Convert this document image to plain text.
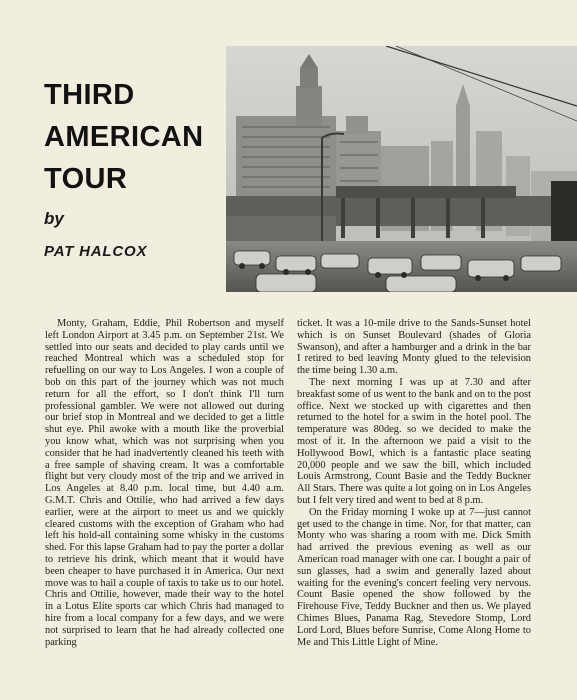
THIRD
AMERICAN
TOUR
by
PAT HALCOX

Monty, Graham, Eddie, Phil Robertson and myself left London Airport at 3.45 p.m. on September 21st. We settled into our seats and decided to play cards until we reached Montreal which was a scheduled stop for refuelling on our way to Los Angeles. I won a couple of bob on this part of the journey which was not much return for all the effort, so I don't think I'll turn professional gambler. We were not allowed out during our brief stop in Montreal and we decided to get a little shut eye. Phil awoke with a mouth like the proverbial you know what, which was not surprising when you consider that he had inadvertently cleaned his teeth with a free sample of shaving cream. It was a comfortable flight but very cloudy most of the trip and we arrived in Los Angeles at 8.40 p.m. local time, but 4.40 a.m. G.M.T. Chris and Ottilie, who had arrived a few days earlier, were at the airport to meet us and we quickly cleared customs with the exception of Graham who had left his hold-all containing some whisky in the customs shed. For this lapse Graham had to pay the porter a dollar to retrieve his drink, which meant that it would have been cheaper to have purchased it in America. Our next move was to hail a couple of taxis to take us to our hotel. Chris and Ottilie, however, made their way to the hotel in a Lotus Elite sports car which Chris had managed to hire from a local company for a few days, and we were not surprised to learn that he had already collected one parking

ticket. It was a 10-mile drive to the Sands-Sunset hotel which is on Sunset Boulevard (shades of Gloria Swanson), and after a hamburger and a drink in the bar I retired to bed leaving Monty glued to the television the time being 1.30 a.m.

The next morning I was up at 7.30 and after breakfast some of us went to the bank and on to the post office. Next we stocked up with cigarettes and then returned to the hotel for a swim in the hotel pool. The temperature was 80deg. so we decided to make the most of it. In the afternoon we paid a visit to the Hollywood Bowl, which is a fantastic place seating 20,000 people and we saw the bill, which included Louis Armstrong, Count Basie and the Teddy Buckner All Stars. There was quite a lot going on in Los Angeles but I felt very tired and went to bed at 8 p.m.

On the Friday morning I woke up at 7—just cannot get used to the change in time. Nor, for that matter, can Monty who was sharing a room with me. Dick Smith had arrived the previous evening as well as our American road manager with one car. I bought a pair of sun glasses, had a swim and generally lazed about waiting for the evening's concert feeling very nervous. Count Basie opened the show followed by the Firehouse Five, Teddy Buckner and then us. We played Chimes Blues, Panama Rag, Stevedore Stomp, Lord Lord Lord, Blues before Sunrise, Come Along Home to Me and This Little Light of Mine.
